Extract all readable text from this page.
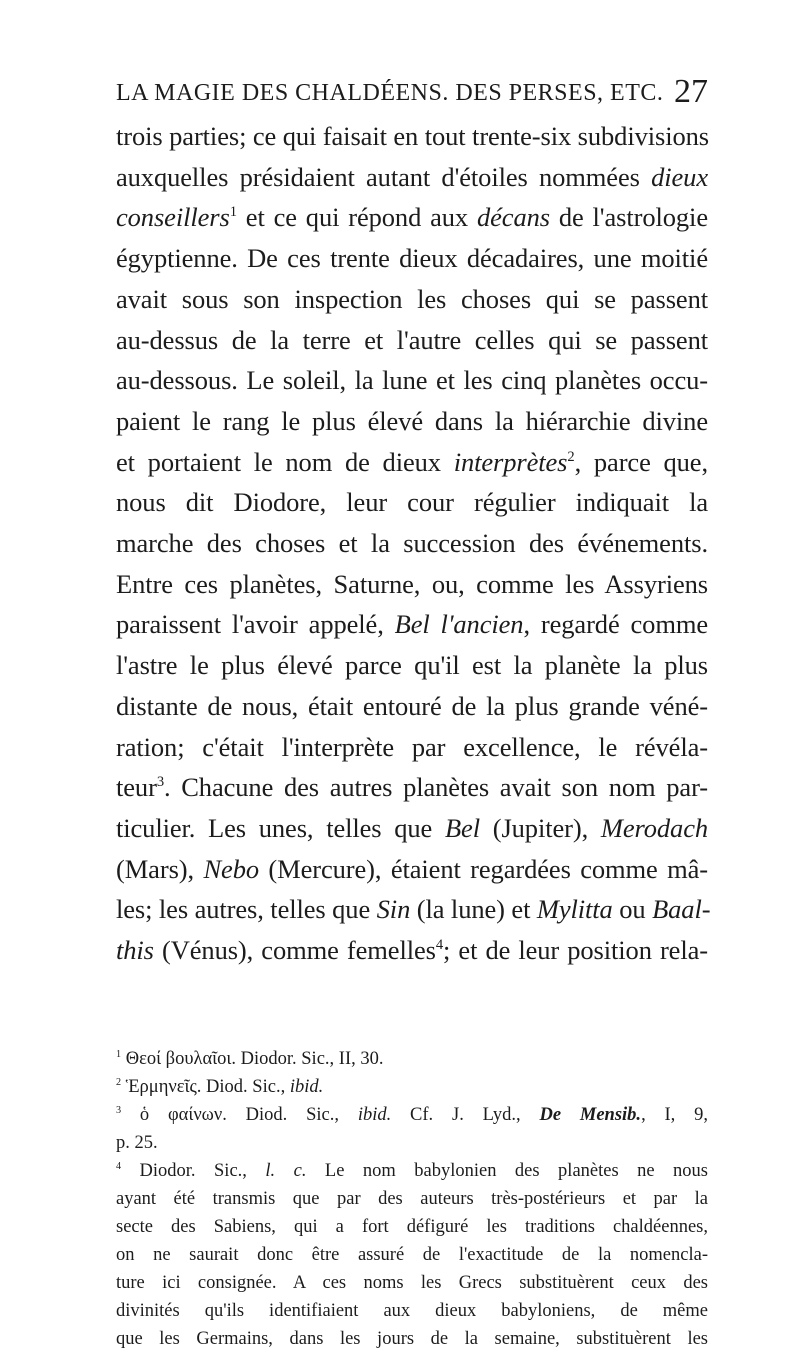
LA MAGIE DES CHALDÉENS. DES PERSES, ETC. 27
trois parties; ce qui faisait en tout trente-six subdivisions
auxquelles présidaient autant d'étoiles nommées dieux
conseillers$^1$ et ce qui répond aux décans de l'astrologie
égyptienne. De ces trente dieux décadaires, une moitié
avait sous son inspection les choses qui se passent
au-dessus de la terre et l'autre celles qui se passent
au-dessous. Le soleil, la lune et les cinq planètes occu-
paient le rang le plus élevé dans la hiérarchie divine
et portaient le nom de dieux interprètes$^2$, parce que,
nous dit Diodore, leur cour régulier indiquait la
marche des choses et la succession des événements.
Entre ces planètes, Saturne, ou, comme les Assyriens
paraissent l'avoir appelé, Bel l'ancien, regardé comme
l'astre le plus élevé parce qu'il est la planète la plus
distante de nous, était entouré de la plus grande véné-
ration; c'était l'interprète par excellence, le révéla-
teur$^3$. Chacune des autres planètes avait son nom par-
ticulier. Les unes, telles que Bel (Jupiter), Merodach
(Mars), Nebo (Mercure), étaient regardées comme mâ-
les; les autres, telles que Sin (la lune) et Mylitta ou Baal-
this (Vénus), comme femelles$^4$; et de leur position rela-
$^1$ Θεοί βουλαῖοι. Diodor. Sic., II, 30.
$^2$ Ἑρμηνεῖς. Diod. Sic., ibid.
$^3$ ὁ φαίνων. Diod. Sic., ibid. Cf. J. Lyd., De Mensib., I, 9,
p. 25.
$^4$ Diodor. Sic., l. c. Le nom babylonien des planètes ne nous
ayant été transmis que par des auteurs très-postérieurs et par la
secte des Sabiens, qui a fort défiguré les traditions chaldéennes,
on ne saurait donc être assuré de l'exactitude de la nomencla-
ture ici consignée. A ces noms les Grecs substituèrent ceux des
divinités qu'ils identifiaient aux dieux babyloniens, de même
que les Germains, dans les jours de la semaine, substituèrent les
